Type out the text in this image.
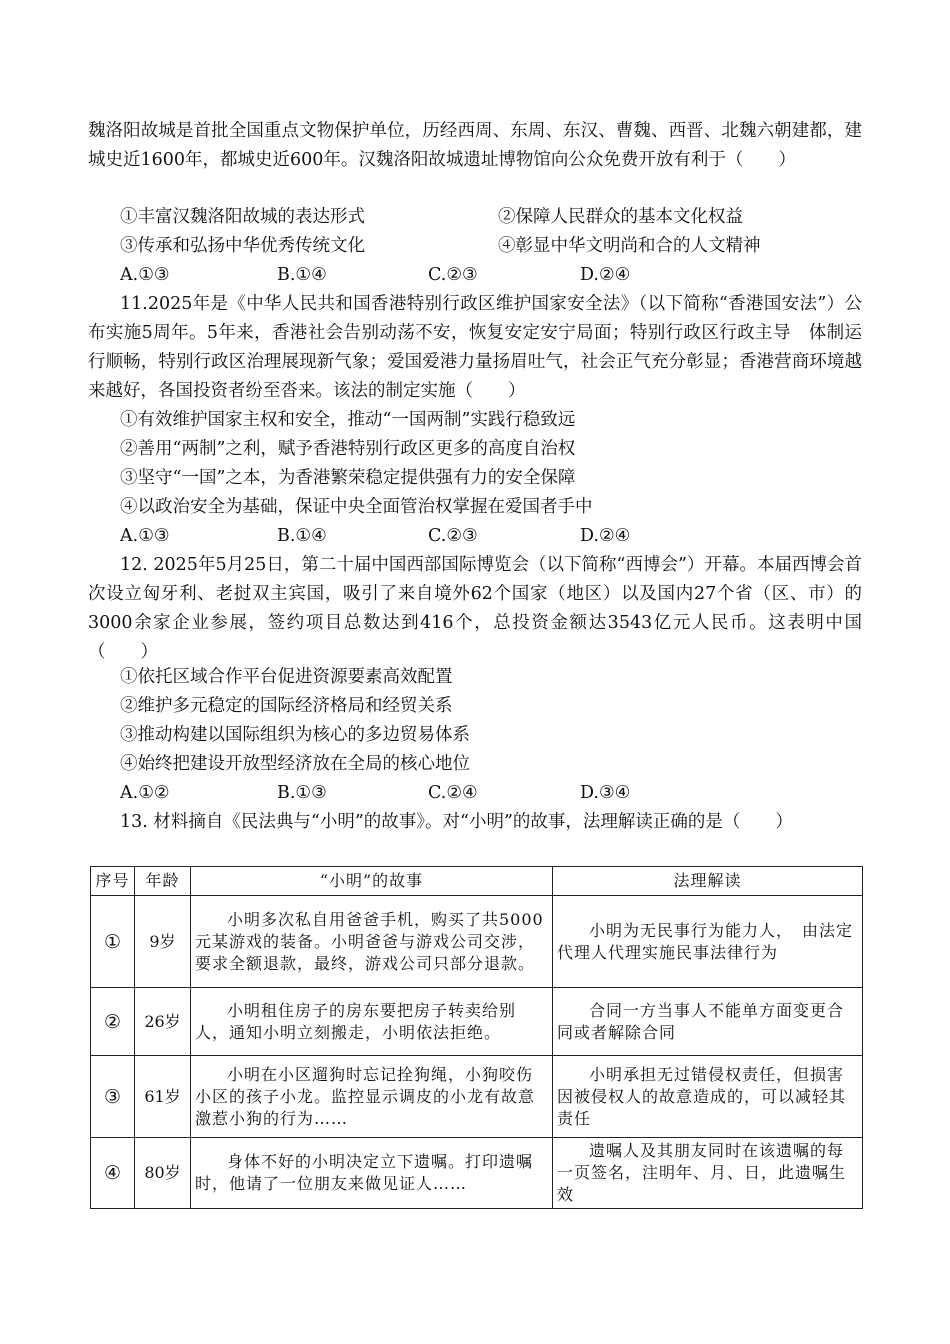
魏洛阳故城是首批全国重点文物保护单位，历经西周、东周、东汉、曹魏、西晋、北魏六朝建都，建城史近1600年，都城史近600年。汉魏洛阳故城遗址博物馆向公众免费开放有利于（　　）

①丰富汉魏洛阳故城的表达形式	②保障人民群众的基本文化权益
③传承和弘扬中华优秀传统文化	④彰显中华文明尚和合的人文精神
A.①③	B.①④	C.②③	D.②④

11.2025年是《中华人民共和国香港特别行政区维护国家安全法》（以下简称“香港国安法”）公布实施5周年。5年来，香港社会告别动荡不安，恢复安定安宁局面；特别行政区行政主导　体制运行顺畅，特别行政区治理展现新气象；爱国爱港力量扬眉吐气，社会正气充分彰显；香港营商环境越来越好，各国投资者纷至沓来。该法的制定实施（　　）

①有效维护国家主权和安全，推动“一国两制”实践行稳致远
②善用“两制”之利，赋予香港特别行政区更多的高度自治权
③坚守“一国”之本，为香港繁荣稳定提供强有力的安全保障
④以政治安全为基础，保证中央全面管治权掌握在爱国者手中
A.①③	B.①④	C.②③	D.②④

12. 2025年5月25日，第二十届中国西部国际博览会（以下简称“西博会”）开幕。本届西博会首次设立匈牙利、老挝双主宾国，吸引了来自境外62个国家（地区）以及国内27个省（区、市）的3000余家企业参展，签约项目总数达到416个，总投资金额达3543亿元人民币。这表明中国（　　）

①依托区域合作平台促进资源要素高效配置
②维护多元稳定的国际经济格局和经贸关系
③推动构建以国际组织为核心的多边贸易体系
④始终把建设开放型经济放在全局的核心地位
A.①②	B.①③	C.②④	D.③④

13. 材料摘自《民法典与“小明”的故事》。对“小明”的故事，法理解读正确的是（　　）

序号	年龄	“小明”的故事	法理解读
①	9岁	小明多次私自用爸爸手机，购买了共5000元某游戏的装备。小明爸爸与游戏公司交涉，要求全额退款，最终，游戏公司只部分退款。	小明为无民事行为能力人，　由法定代理人代理实施民事法律行为
②	26岁	小明租住房子的房东要把房子转卖给别人，通知小明立刻搬走，小明依法拒绝。	合同一方当事人不能单方面变更合同或者解除合同
③	61岁	小明在小区遛狗时忘记拴狗绳，小狗咬伤小区的孩子小龙。监控显示调皮的小龙有故意激惹小狗的行为……	小明承担无过错侵权责任，但损害因被侵权人的故意造成的，可以减轻其责任
④	80岁	身体不好的小明决定立下遗嘱。打印遗嘱时，他请了一位朋友来做见证人……	遗嘱人及其朋友同时在该遗嘱的每一页签名，注明年、月、日，此遗嘱生效
